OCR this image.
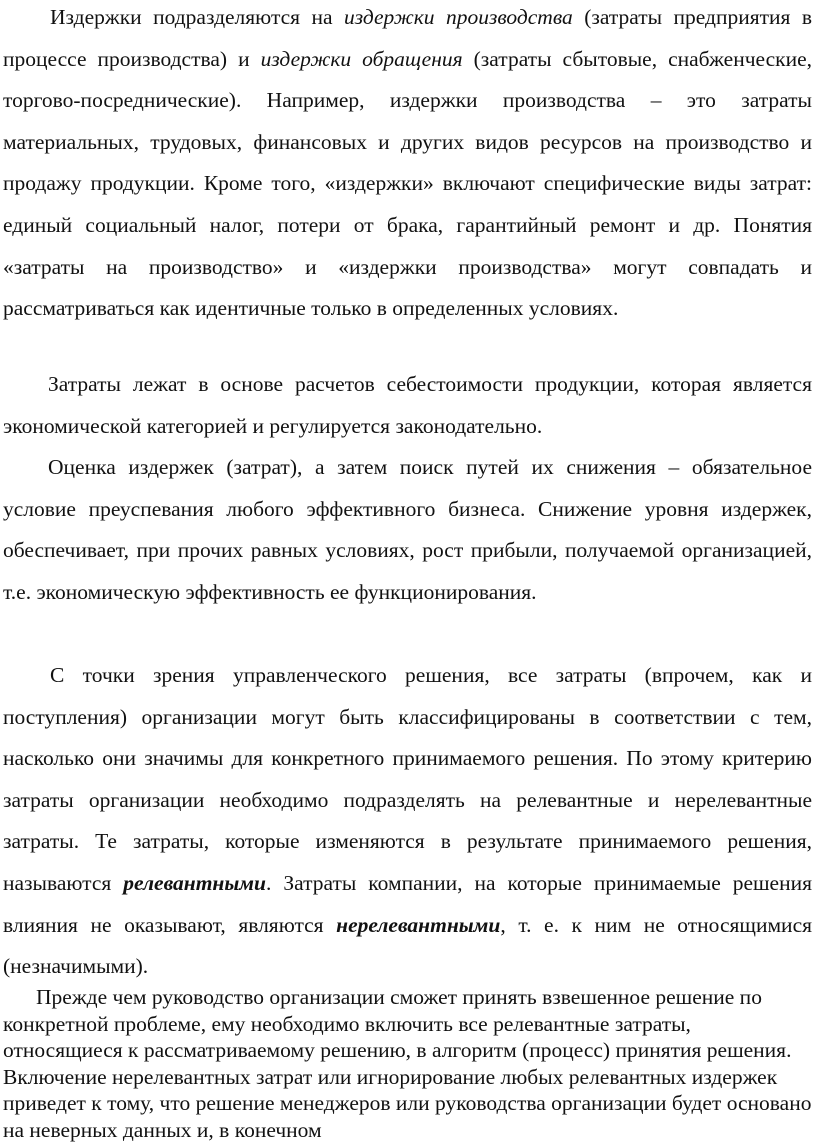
Издержки подразделяются на издержки производства (затраты предприятия в процессе производства) и издержки обращения (затраты сбытовые, снабженческие, торгово-посреднические). Например, издержки производства – это затраты материальных, трудовых, финансовых и других видов ресурсов на производство и продажу продукции. Кроме того, «издержки» включают специфические виды затрат: единый социальный налог, потери от брака, гарантийный ремонт и др. Понятия «затраты на производство» и «издержки производства» могут совпадать и рассматриваться как идентичные только в определенных условиях.

Затраты лежат в основе расчетов себестоимости продукции, которая является экономической категорией и регулируется законодательно.

Оценка издержек (затрат), а затем поиск путей их снижения – обязательное условие преуспевания любого эффективного бизнеса. Снижение уровня издержек, обеспечивает, при прочих равных условиях, рост прибыли, получаемой организацией, т.е. экономическую эффективность ее функционирования.

С точки зрения управленческого решения, все затраты (впрочем, как и поступления) организации могут быть классифицированы в соответствии с тем, насколько они значимы для конкретного принимаемого решения. По этому критерию затраты организации необходимо подразделять на релевантные и нерелевантные затраты. Те затраты, которые изменяются в результате принимаемого решения, называются релевантными. Затраты компании, на которые принимаемые решения влияния не оказывают, являются нерелевантными, т. е. к ним не относящимися (незначимыми).

Прежде чем руководство организации сможет принять взвешенное решение по конкретной проблеме, ему необходимо включить все релевантные затраты, относящиеся к рассматриваемому решению, в алгоритм (процесс) принятия решения. Включение нерелевантных затрат или игнорирование любых релевантных издержек приведет к тому, что решение менеджеров или руководства организации будет основано на неверных данных и, в конечном
